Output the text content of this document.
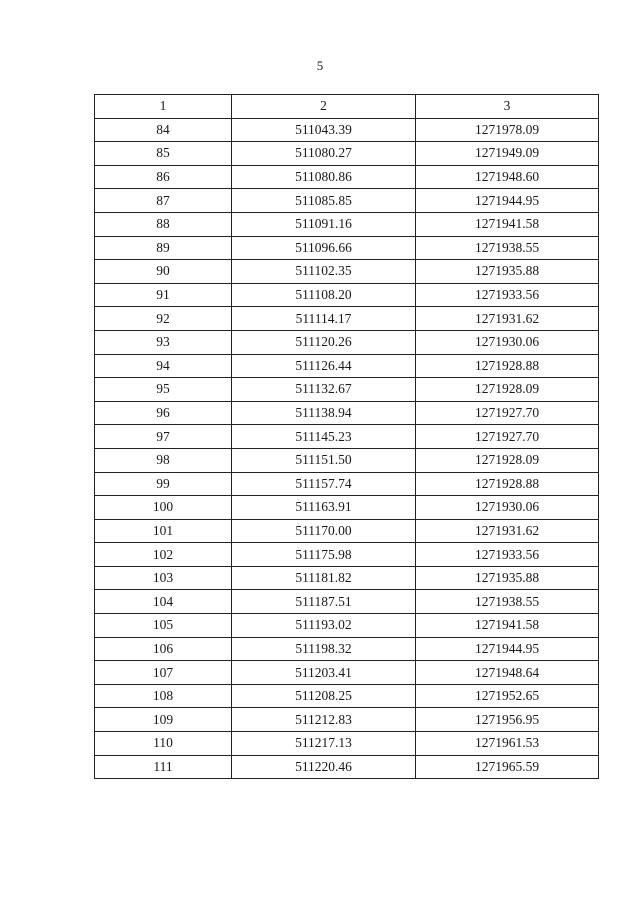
5
1	2	3
84	511043.39	1271978.09
85	511080.27	1271949.09
86	511080.86	1271948.60
87	511085.85	1271944.95
88	511091.16	1271941.58
89	511096.66	1271938.55
90	511102.35	1271935.88
91	511108.20	1271933.56
92	511114.17	1271931.62
93	511120.26	1271930.06
94	511126.44	1271928.88
95	511132.67	1271928.09
96	511138.94	1271927.70
97	511145.23	1271927.70
98	511151.50	1271928.09
99	511157.74	1271928.88
100	511163.91	1271930.06
101	511170.00	1271931.62
102	511175.98	1271933.56
103	511181.82	1271935.88
104	511187.51	1271938.55
105	511193.02	1271941.58
106	511198.32	1271944.95
107	511203.41	1271948.64
108	511208.25	1271952.65
109	511212.83	1271956.95
110	511217.13	1271961.53
111	511220.46	1271965.59
